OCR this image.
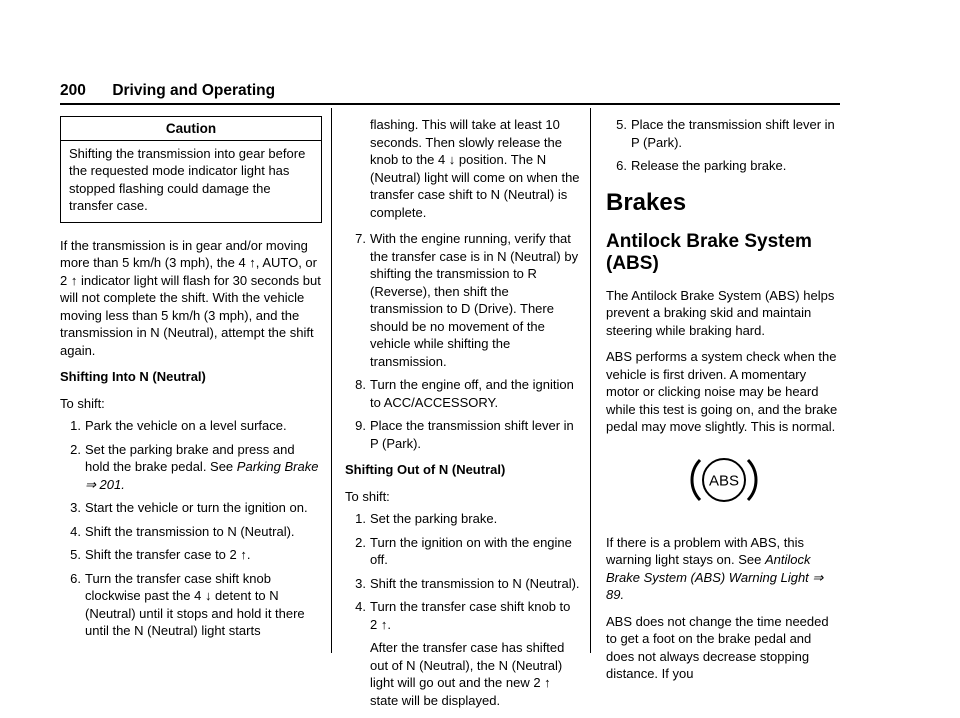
200 Driving and Operating
Caution
Shifting the transmission into gear before the requested mode indicator light has stopped flashing could damage the transfer case.

If the transmission is in gear and/or moving more than 5 km/h (3 mph), the 4 ↑, AUTO, or 2 ↑ indicator light will flash for 30 seconds but will not complete the shift. With the vehicle moving less than 5 km/h (3 mph), and the transmission in N (Neutral), attempt the shift again.

Shifting Into N (Neutral)

To shift:

1. Park the vehicle on a level surface.
2. Set the parking brake and press and hold the brake pedal. See Parking Brake
⇒ 201.
3. Start the vehicle or turn the ignition on.
4. Shift the transmission to N (Neutral).
5. Shift the transfer case to 2 ↑.
6. Turn the transfer case shift knob clockwise past the 4 ↓ detent to N (Neutral) until it stops and hold it there until the N (Neutral) light starts

flashing. This will take at least 10 seconds. Then slowly release the knob to the 4 ↓ position. The N (Neutral) light will come on when the transfer case shift to N (Neutral) is complete.

7. With the engine running, verify that the transfer case is in N (Neutral) by shifting the transmission to R (Reverse), then shift the transmission to D (Drive). There should be no movement of the vehicle while shifting the transmission.
8. Turn the engine off, and the ignition to ACC/ACCESSORY.
9. Place the transmission shift lever in P (Park).

Shifting Out of N (Neutral)

To shift:

1. Set the parking brake.
2. Turn the ignition on with the engine off.
3. Shift the transmission to N (Neutral).
4. Turn the transfer case shift knob to 2 ↑.
After the transfer case has shifted out of N (Neutral), the N (Neutral) light will go out and the new 2 ↑ state will be displayed.
5. Place the transmission shift lever in P (Park).
6. Release the parking brake.
Brakes
Antilock Brake System (ABS)

The Antilock Brake System (ABS) helps prevent a braking skid and maintain steering while braking hard.

ABS performs a system check when the vehicle is first driven. A momentary motor or clicking noise may be heard while this test is going on, and the brake pedal may move slightly. This is normal.

ABS

If there is a problem with ABS, this warning light stays on. See Antilock Brake System (ABS) Warning Light ⇒ 89.

ABS does not change the time needed to get a foot on the brake pedal and does not always decrease stopping distance. If you
